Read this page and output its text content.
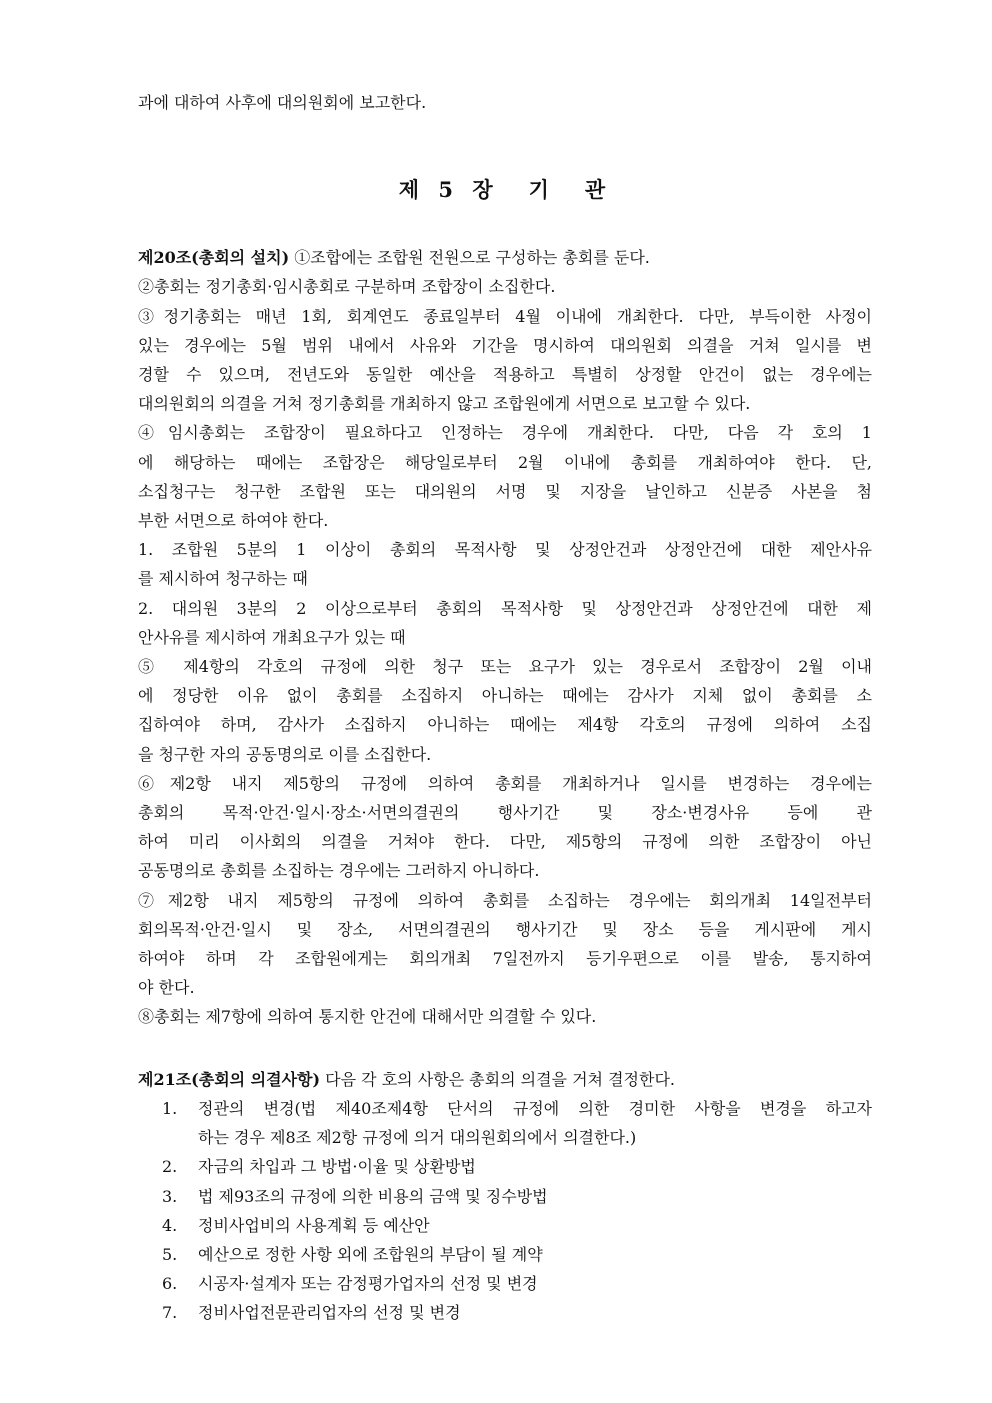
과에 대하여 사후에 대의원회에 보고한다.

제 5 장 기 관

제20조(총회의 설치) ①조합에는 조합원 전원으로 구성하는 총회를 둔다.

②총회는 정기총회·임시총회로 구분하며 조합장이 소집한다.

③정기총회는 매년 1회, 회계연도 종료일부터 4월 이내에 개최한다. 다만, 부득이한 사정이

있는 경우에는 5월 범위 내에서 사유와 기간을 명시하여 대의원회 의결을 거쳐 일시를 변

경할 수 있으며, 전년도와 동일한 예산을 적용하고 특별히 상정할 안건이 없는 경우에는

대의원회의 의결을 거쳐 정기총회를 개최하지 않고 조합원에게 서면으로 보고할 수 있다.

④임시총회는 조합장이 필요하다고 인정하는 경우에 개최한다. 다만, 다음 각 호의 1

에 해당하는 때에는 조합장은 해당일로부터 2월 이내에 총회를 개최하여야 한다. 단,

소집청구는 청구한 조합원 또는 대의원의 서명 및 지장을 날인하고 신분증 사본을 첨

부한 서면으로 하여야 한다.

1. 조합원 5분의 1 이상이 총회의 목적사항 및 상정안건과 상정안건에 대한 제안사유

를 제시하여 청구하는 때

2. 대의원 3분의 2 이상으로부터 총회의 목적사항 및 상정안건과 상정안건에 대한 제

안사유를 제시하여 개최요구가 있는 때

⑤ 제4항의 각호의 규정에 의한 청구 또는 요구가 있는 경우로서 조합장이 2월 이내

에 정당한 이유 없이 총회를 소집하지 아니하는 때에는 감사가 지체 없이 총회를 소

집하여야 하며, 감사가 소집하지 아니하는 때에는 제4항 각호의 규정에 의하여 소집

을 청구한 자의 공동명의로 이를 소집한다.

⑥제2항 내지 제5항의 규정에 의하여 총회를 개최하거나 일시를 변경하는 경우에는

총회의 목적·안건·일시·장소·서면의결권의 행사기간 및 장소·변경사유 등에 관

하여 미리 이사회의 의결을 거쳐야 한다. 다만, 제5항의 규정에 의한 조합장이 아닌

공동명의로 총회를 소집하는 경우에는 그러하지 아니하다.

⑦제2항 내지 제5항의 규정에 의하여 총회를 소집하는 경우에는 회의개최 14일전부터

회의목적·안건·일시 및 장소, 서면의결권의 행사기간 및 장소 등을 게시판에 게시

하여야 하며 각 조합원에게는 회의개최 7일전까지 등기우편으로 이를 발송, 통지하여

야 한다.

⑧총회는 제7항에 의하여 통지한 안건에 대해서만 의결할 수 있다.

제21조(총회의 의결사항) 다음 각 호의 사항은 총회의 의결을 거쳐 결정한다.

1. 정관의 변경(법 제40조제4항 단서의 규정에 의한 경미한 사항을 변경을 하고자
하는 경우 제8조 제2항 규정에 의거 대의원회의에서 의결한다.)
2. 자금의 차입과 그 방법·이율 및 상환방법
3. 법 제93조의 규정에 의한 비용의 금액 및 징수방법
4. 정비사업비의 사용계획 등 예산안
5. 예산으로 정한 사항 외에 조합원의 부담이 될 계약
6. 시공자·설계자 또는 감정평가업자의 선정 및 변경
7. 정비사업전문관리업자의 선정 및 변경
